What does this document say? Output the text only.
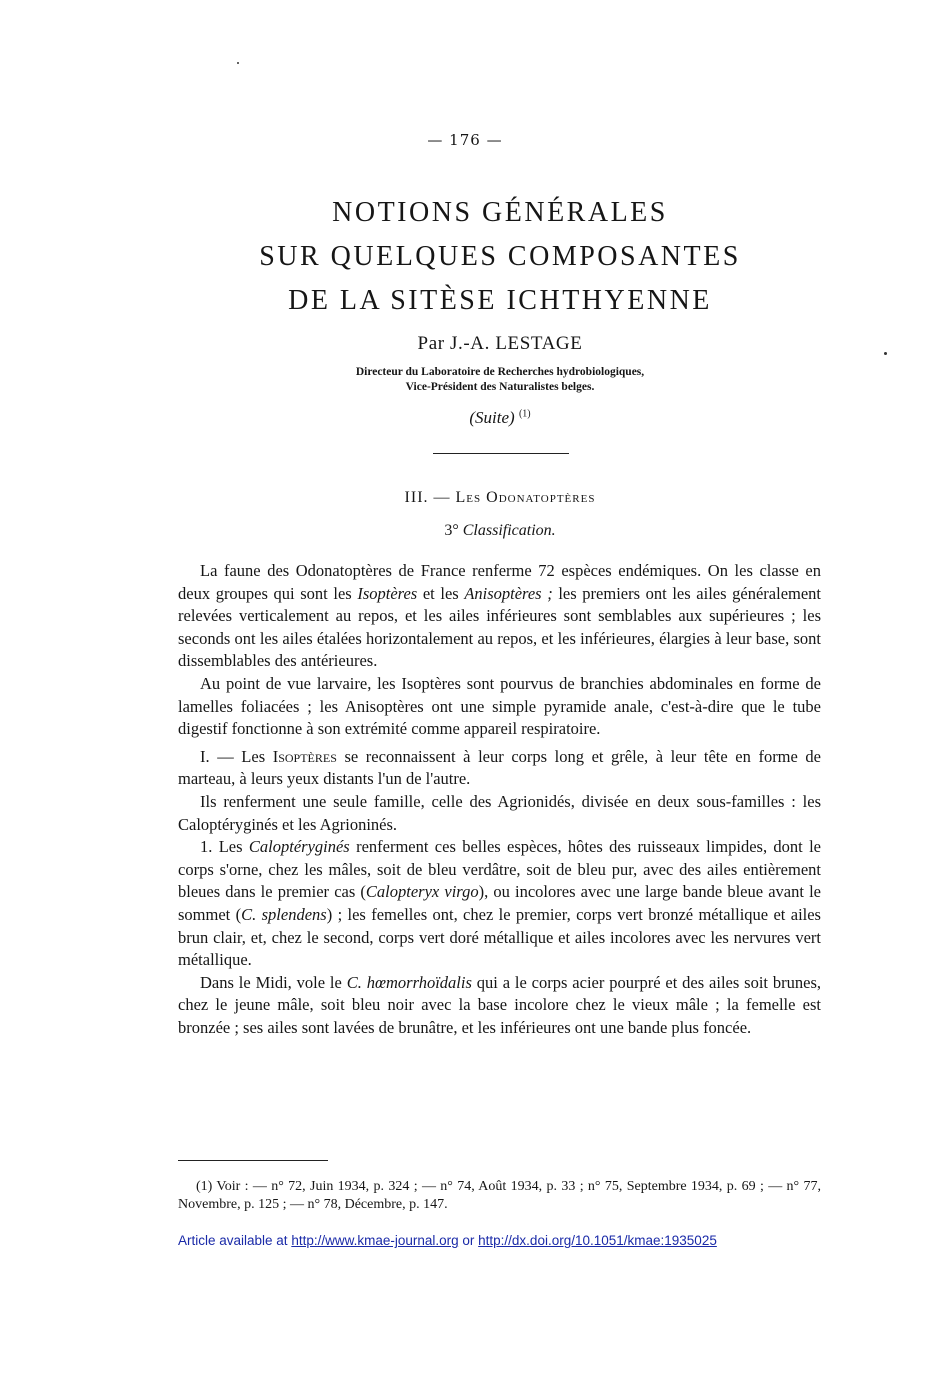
— 176 —
NOTIONS GÉNÉRALES
SUR QUELQUES COMPOSANTES
DE LA SITÈSE ICHTHYENNE
Par J.-A. LESTAGE
Directeur du Laboratoire de Recherches hydrobiologiques,
Vice-Président des Naturalistes belges.
(Suite) $^{(1)}$
III. — Les Odonatoptères
3° Classification.

La faune des Odonatoptères de France renferme 72 espèces endémiques. On les classe en deux groupes qui sont les Isoptères et les Anisoptères ; les premiers ont les ailes généralement relevées verticalement au repos, et les ailes inférieures sont semblables aux supérieures ; les seconds ont les ailes étalées horizontalement au repos, et les inférieures, élargies à leur base, sont dissemblables des antérieures.

Au point de vue larvaire, les Isoptères sont pourvus de branchies abdominales en forme de lamelles foliacées ; les Anisoptères ont une simple pyramide anale, c'est-à-dire que le tube digestif fonctionne à son extrémité comme appareil respiratoire.

I. — Les Isoptères se reconnaissent à leur corps long et grêle, à leur tête en forme de marteau, à leurs yeux distants l'un de l'autre.

Ils renferment une seule famille, celle des Agrionidés, divisée en deux sous-familles : les Caloptéryginés et les Agrioninés.

1. Les Caloptéryginés renferment ces belles espèces, hôtes des ruisseaux limpides, dont le corps s'orne, chez les mâles, soit de bleu verdâtre, soit de bleu pur, avec des ailes entièrement bleues dans le premier cas (Calopteryx virgo), ou incolores avec une large bande bleue avant le sommet (C. splendens) ; les femelles ont, chez le premier, corps vert bronzé métallique et ailes brun clair, et, chez le second, corps vert doré métallique et ailes incolores avec les nervures vert métallique.

Dans le Midi, vole le C. hœmorrhoïdalis qui a le corps acier pourpré et des ailes soit brunes, chez le jeune mâle, soit bleu noir avec la base incolore chez le vieux mâle ; la femelle est bronzée ; ses ailes sont lavées de brunâtre, et les inférieures ont une bande plus foncée.

(1) Voir : — n° 72, Juin 1934, p. 324 ; — n° 74, Août 1934, p. 33 ; n° 75, Septembre 1934, p. 69 ; — n° 77, Novembre, p. 125 ; — n° 78, Décembre, p. 147.
Article available at http://www.kmae-journal.org or http://dx.doi.org/10.1051/kmae:1935025
